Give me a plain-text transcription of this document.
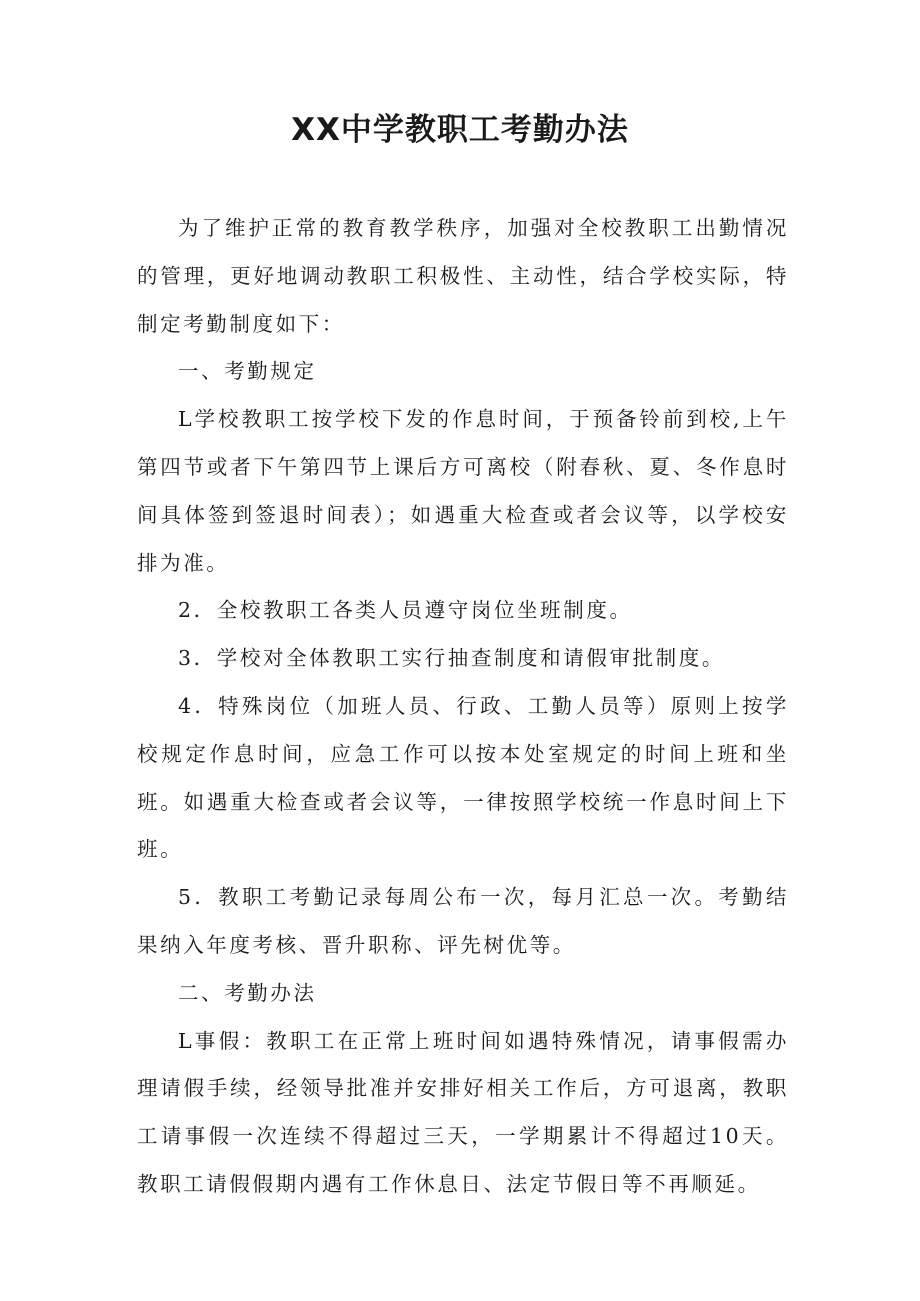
XX中学教职工考勤办法

为了维护正常的教育教学秩序，加强对全校教职工出勤情况的管理，更好地调动教职工积极性、主动性，结合学校实际，特制定考勤制度如下：

一、考勤规定

L学校教职工按学校下发的作息时间，于预备铃前到校,上午第四节或者下午第四节上课后方可离校（附春秋、夏、冬作息时间具体签到签退时间表）；如遇重大检查或者会议等，以学校安排为准。

2．全校教职工各类人员遵守岗位坐班制度。

3．学校对全体教职工实行抽查制度和请假审批制度。

4．特殊岗位（加班人员、行政、工勤人员等）原则上按学校规定作息时间，应急工作可以按本处室规定的时间上班和坐班。如遇重大检查或者会议等，一律按照学校统一作息时间上下班。

5．教职工考勤记录每周公布一次，每月汇总一次。考勤结果纳入年度考核、晋升职称、评先树优等。

二、考勤办法

L事假：教职工在正常上班时间如遇特殊情况，请事假需办理请假手续，经领导批准并安排好相关工作后，方可退离，教职工请事假一次连续不得超过三天，一学期累计不得超过10天。教职工请假假期内遇有工作休息日、法定节假日等不再顺延。
